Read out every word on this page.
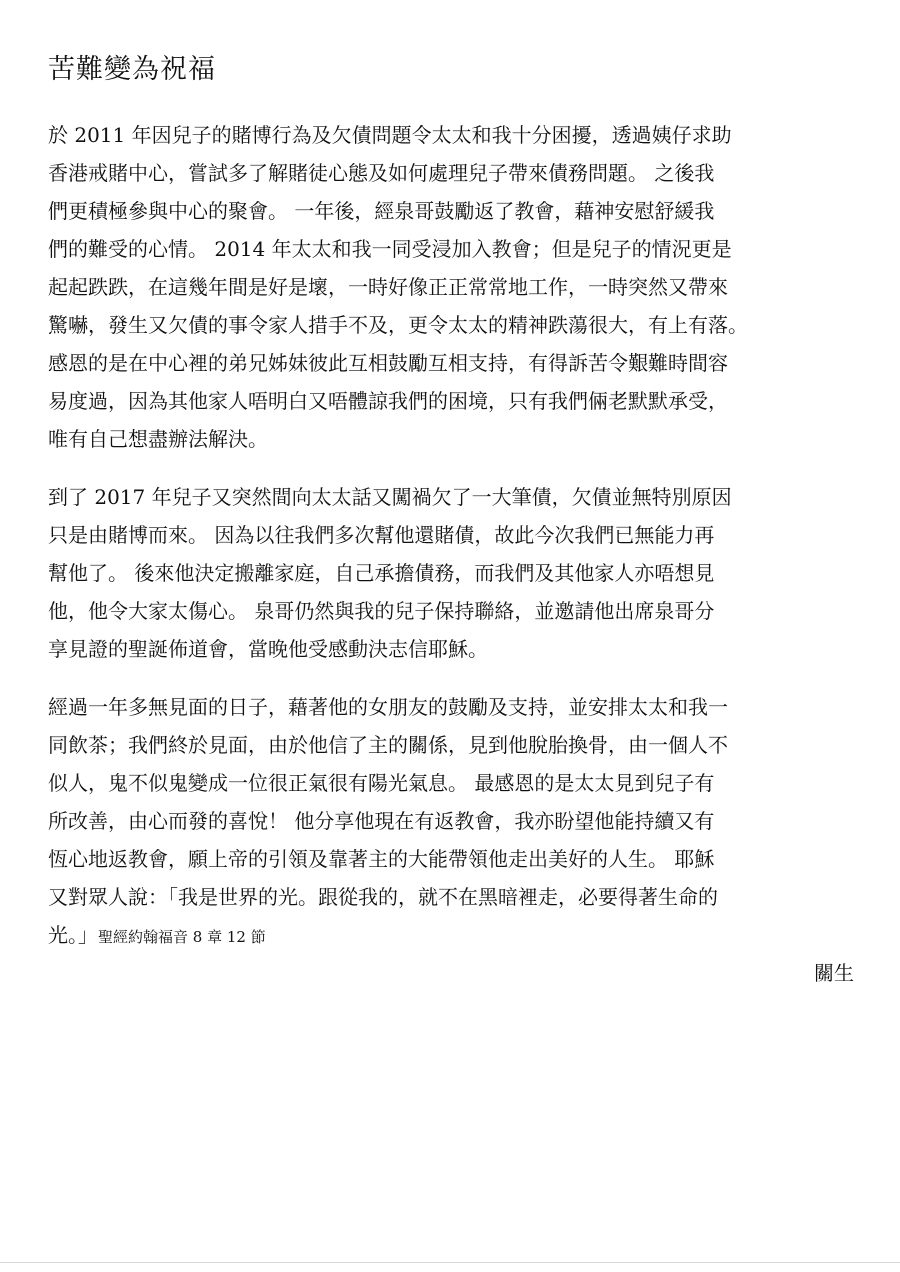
苦難變為祝福
於 2011 年因兒子的賭博行為及欠債問題令太太和我十分困擾，透過姨仔求助
香港戒賭中心，嘗試多了解賭徒心態及如何處理兒子帶來債務問題。 之後我
們更積極參與中心的聚會。 一年後，經泉哥鼓勵返了教會，藉神安慰舒緩我
們的難受的心情。 2014 年太太和我一同受浸加入教會；但是兒子的情況更是
起起跌跌，在這幾年間是好是壞，一時好像正正常常地工作，一時突然又帶來
驚嚇，發生又欠債的事令家人措手不及，更令太太的精神跌蕩很大，有上有落。
感恩的是在中心裡的弟兄姊妹彼此互相鼓勵互相支持，有得訴苦令艱難時間容
易度過，因為其他家人唔明白又唔體諒我們的困境，只有我們倆老默默承受，
唯有自己想盡辦法解決。
到了 2017 年兒子又突然間向太太話又闖禍欠了一大筆債，欠債並無特別原因
只是由賭博而來。 因為以往我們多次幫他還賭債，故此今次我們已無能力再
幫他了。 後來他決定搬離家庭，自己承擔債務，而我們及其他家人亦唔想見
他，他令大家太傷心。 泉哥仍然與我的兒子保持聯絡，並邀請他出席泉哥分
享見證的聖誕佈道會，當晚他受感動決志信耶穌。
經過一年多無見面的日子，藉著他的女朋友的鼓勵及支持，並安排太太和我一
同飲茶；我們終於見面，由於他信了主的關係，見到他脫胎換骨，由一個人不
似人，鬼不似鬼變成一位很正氣很有陽光氣息。 最感恩的是太太見到兒子有
所改善，由心而發的喜悅！ 他分享他現在有返教會，我亦盼望他能持續又有
恆心地返教會，願上帝的引領及靠著主的大能帶領他走出美好的人生。 耶穌
又對眾人說：「我是世界的光。跟從我的，就不在黑暗裡走，必要得著生命的
光。」聖經約翰福音 8 章 12 節
關生
